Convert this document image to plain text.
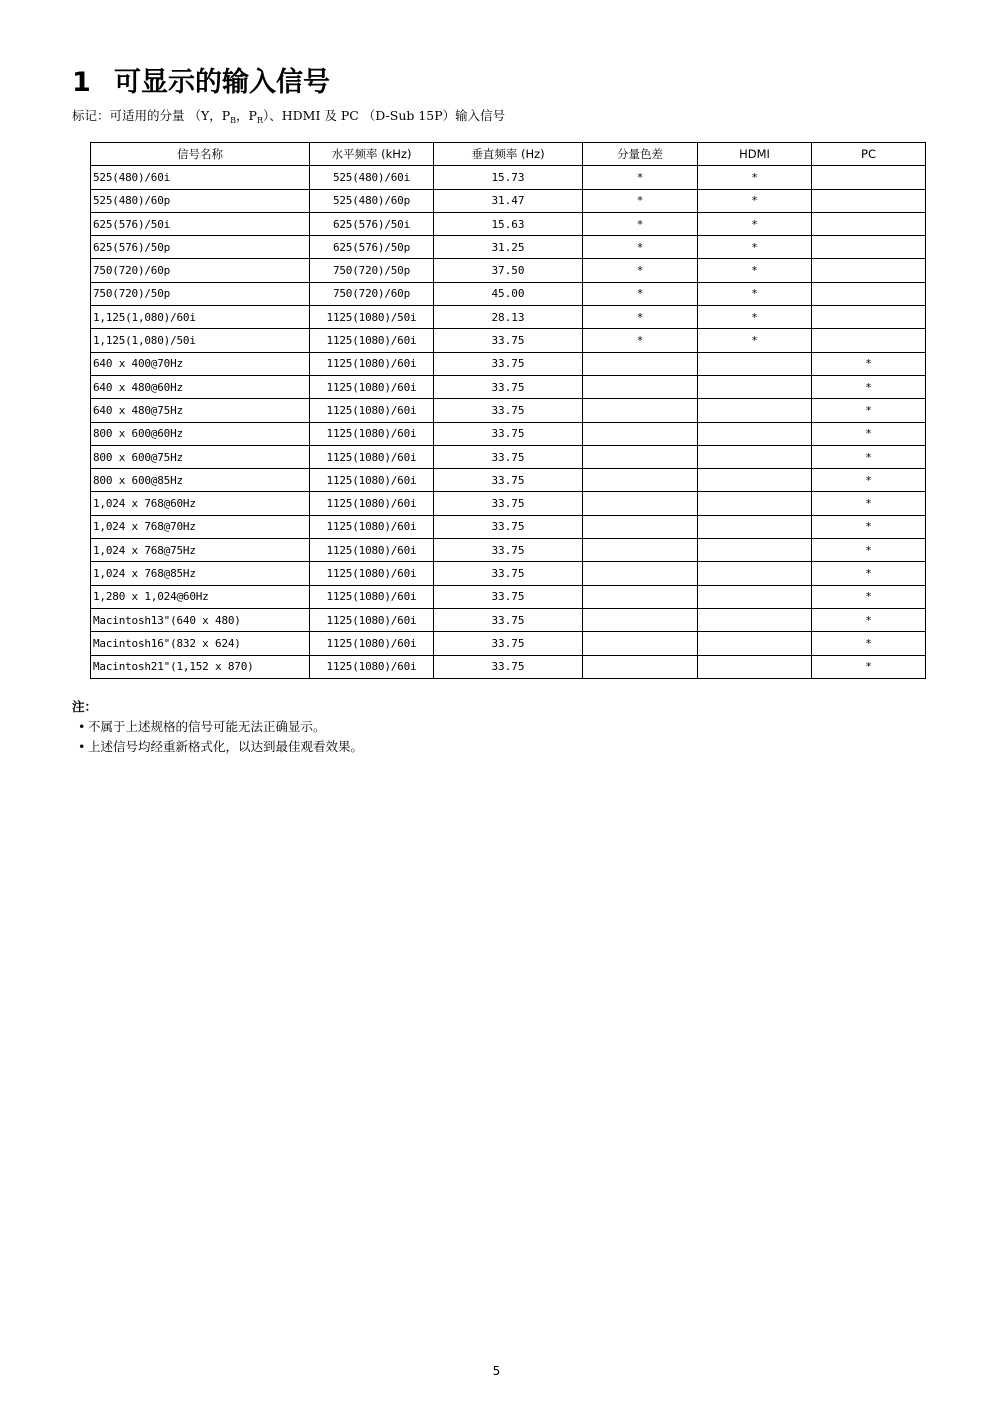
1 可显示的输入信号
标记：可适用的分量 （Y，$P_B$，$P_R$）、HDMI 及 PC （D-Sub 15P）输入信号
信号名称	水平频率 (kHz)	垂直频率 (Hz)	分量色差	HDMI	PC
525(480)/60i	525(480)/60i	15.73	*	*	
525(480)/60p	525(480)/60p	31.47	*	*	
625(576)/50i	625(576)/50i	15.63	*	*	
625(576)/50p	625(576)/50p	31.25	*	*	
750(720)/60p	750(720)/50p	37.50	*	*	
750(720)/50p	750(720)/60p	45.00	*	*	
1,125(1,080)/60i	1125(1080)/50i	28.13	*	*	
1,125(1,080)/50i	1125(1080)/60i	33.75	*	*	
640 x 400@70Hz	1125(1080)/60i	33.75			*
640 x 480@60Hz	1125(1080)/60i	33.75			*
640 x 480@75Hz	1125(1080)/60i	33.75			*
800 x 600@60Hz	1125(1080)/60i	33.75			*
800 x 600@75Hz	1125(1080)/60i	33.75			*
800 x 600@85Hz	1125(1080)/60i	33.75			*
1,024 x 768@60Hz	1125(1080)/60i	33.75			*
1,024 x 768@70Hz	1125(1080)/60i	33.75			*
1,024 x 768@75Hz	1125(1080)/60i	33.75			*
1,024 x 768@85Hz	1125(1080)/60i	33.75			*
1,280 x 1,024@60Hz	1125(1080)/60i	33.75			*
Macintosh13"(640 x 480)	1125(1080)/60i	33.75			*
Macintosh16"(832 x 624)	1125(1080)/60i	33.75			*
Macintosh21"(1,152 x 870)	1125(1080)/60i	33.75			*
注：
• 不属于上述规格的信号可能无法正确显示。
• 上述信号均经重新格式化，以达到最佳观看效果。
5
